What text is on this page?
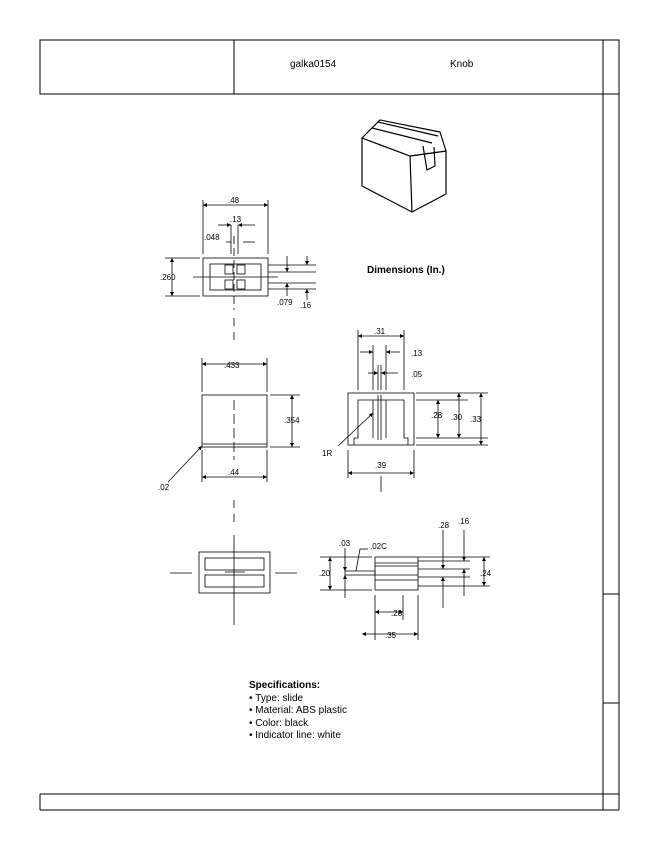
.48
.13
.048
.260
.079 .16
.433
.354
.44
.02
.31
.13
.05
.28 .30 .33
1R
.39
.03 .02C
.28 .16
.20	.24
.28
.35
galka0154	Knob
Dimensions (In.)
Specifications:
• Type: slide
• Material: ABS plastic
• Color: black
• Indicator line: white
